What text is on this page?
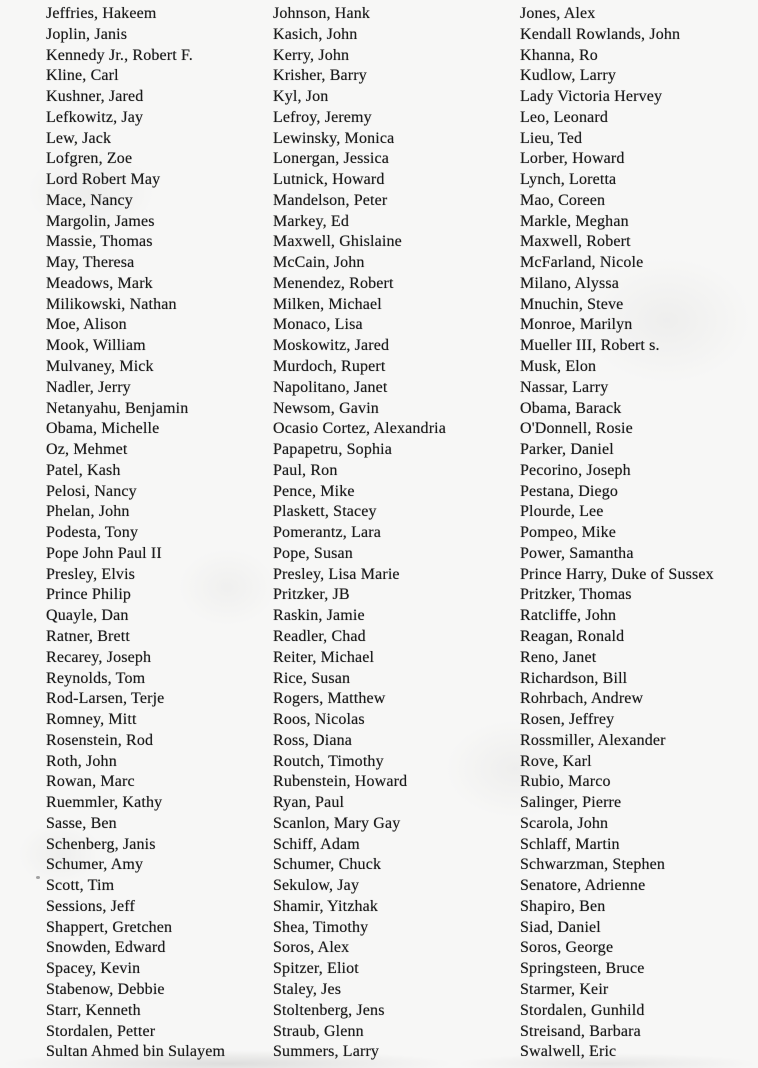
Jeffries, Hakeem
Joplin, Janis
Kennedy Jr., Robert F.
Kline, Carl
Kushner, Jared
Lefkowitz, Jay
Lew, Jack
Lofgren, Zoe
Lord Robert May
Mace, Nancy
Margolin, James
Massie, Thomas
May, Theresa
Meadows, Mark
Milikowski, Nathan
Moe, Alison
Mook, William
Mulvaney, Mick
Nadler, Jerry
Netanyahu, Benjamin
Obama, Michelle
Oz, Mehmet
Patel, Kash
Pelosi, Nancy
Phelan, John
Podesta, Tony
Pope John Paul II
Presley, Elvis
Prince Philip
Quayle, Dan
Ratner, Brett
Recarey, Joseph
Reynolds, Tom
Rod-Larsen, Terje
Romney, Mitt
Rosenstein, Rod
Roth, John
Rowan, Marc
Ruemmler, Kathy
Sasse, Ben
Schenberg, Janis
Schumer, Amy
Scott, Tim
Sessions, Jeff
Shappert, Gretchen
Snowden, Edward
Spacey, Kevin
Stabenow, Debbie
Starr, Kenneth
Stordalen, Petter
Sultan Ahmed bin Sulayem
Johnson, Hank
Kasich, John
Kerry, John
Krisher, Barry
Kyl, Jon
Lefroy, Jeremy
Lewinsky, Monica
Lonergan, Jessica
Lutnick, Howard
Mandelson, Peter
Markey, Ed
Maxwell, Ghislaine
McCain, John
Menendez, Robert
Milken, Michael
Monaco, Lisa
Moskowitz, Jared
Murdoch, Rupert
Napolitano, Janet
Newsom, Gavin
Ocasio Cortez, Alexandria
Papapetru, Sophia
Paul, Ron
Pence, Mike
Plaskett, Stacey
Pomerantz, Lara
Pope, Susan
Presley, Lisa Marie
Pritzker, JB
Raskin, Jamie
Readler, Chad
Reiter, Michael
Rice, Susan
Rogers, Matthew
Roos, Nicolas
Ross, Diana
Routch, Timothy
Rubenstein, Howard
Ryan, Paul
Scanlon, Mary Gay
Schiff, Adam
Schumer, Chuck
Sekulow, Jay
Shamir, Yitzhak
Shea, Timothy
Soros, Alex
Spitzer, Eliot
Staley, Jes
Stoltenberg, Jens
Straub, Glenn
Summers, Larry
Jones, Alex
Kendall Rowlands, John
Khanna, Ro
Kudlow, Larry
Lady Victoria Hervey
Leo, Leonard
Lieu, Ted
Lorber, Howard
Lynch, Loretta
Mao, Coreen
Markle, Meghan
Maxwell, Robert
McFarland, Nicole
Milano, Alyssa
Mnuchin, Steve
Monroe, Marilyn
Mueller III, Robert s.
Musk, Elon
Nassar, Larry
Obama, Barack
O'Donnell, Rosie
Parker, Daniel
Pecorino, Joseph
Pestana, Diego
Plourde, Lee
Pompeo, Mike
Power, Samantha
Prince Harry, Duke of Sussex
Pritzker, Thomas
Ratcliffe, John
Reagan, Ronald
Reno, Janet
Richardson, Bill
Rohrbach, Andrew
Rosen, Jeffrey
Rossmiller, Alexander
Rove, Karl
Rubio, Marco
Salinger, Pierre
Scarola, John
Schlaff, Martin
Schwarzman, Stephen
Senatore, Adrienne
Shapiro, Ben
Siad, Daniel
Soros, George
Springsteen, Bruce
Starmer, Keir
Stordalen, Gunhild
Streisand, Barbara
Swalwell, Eric
